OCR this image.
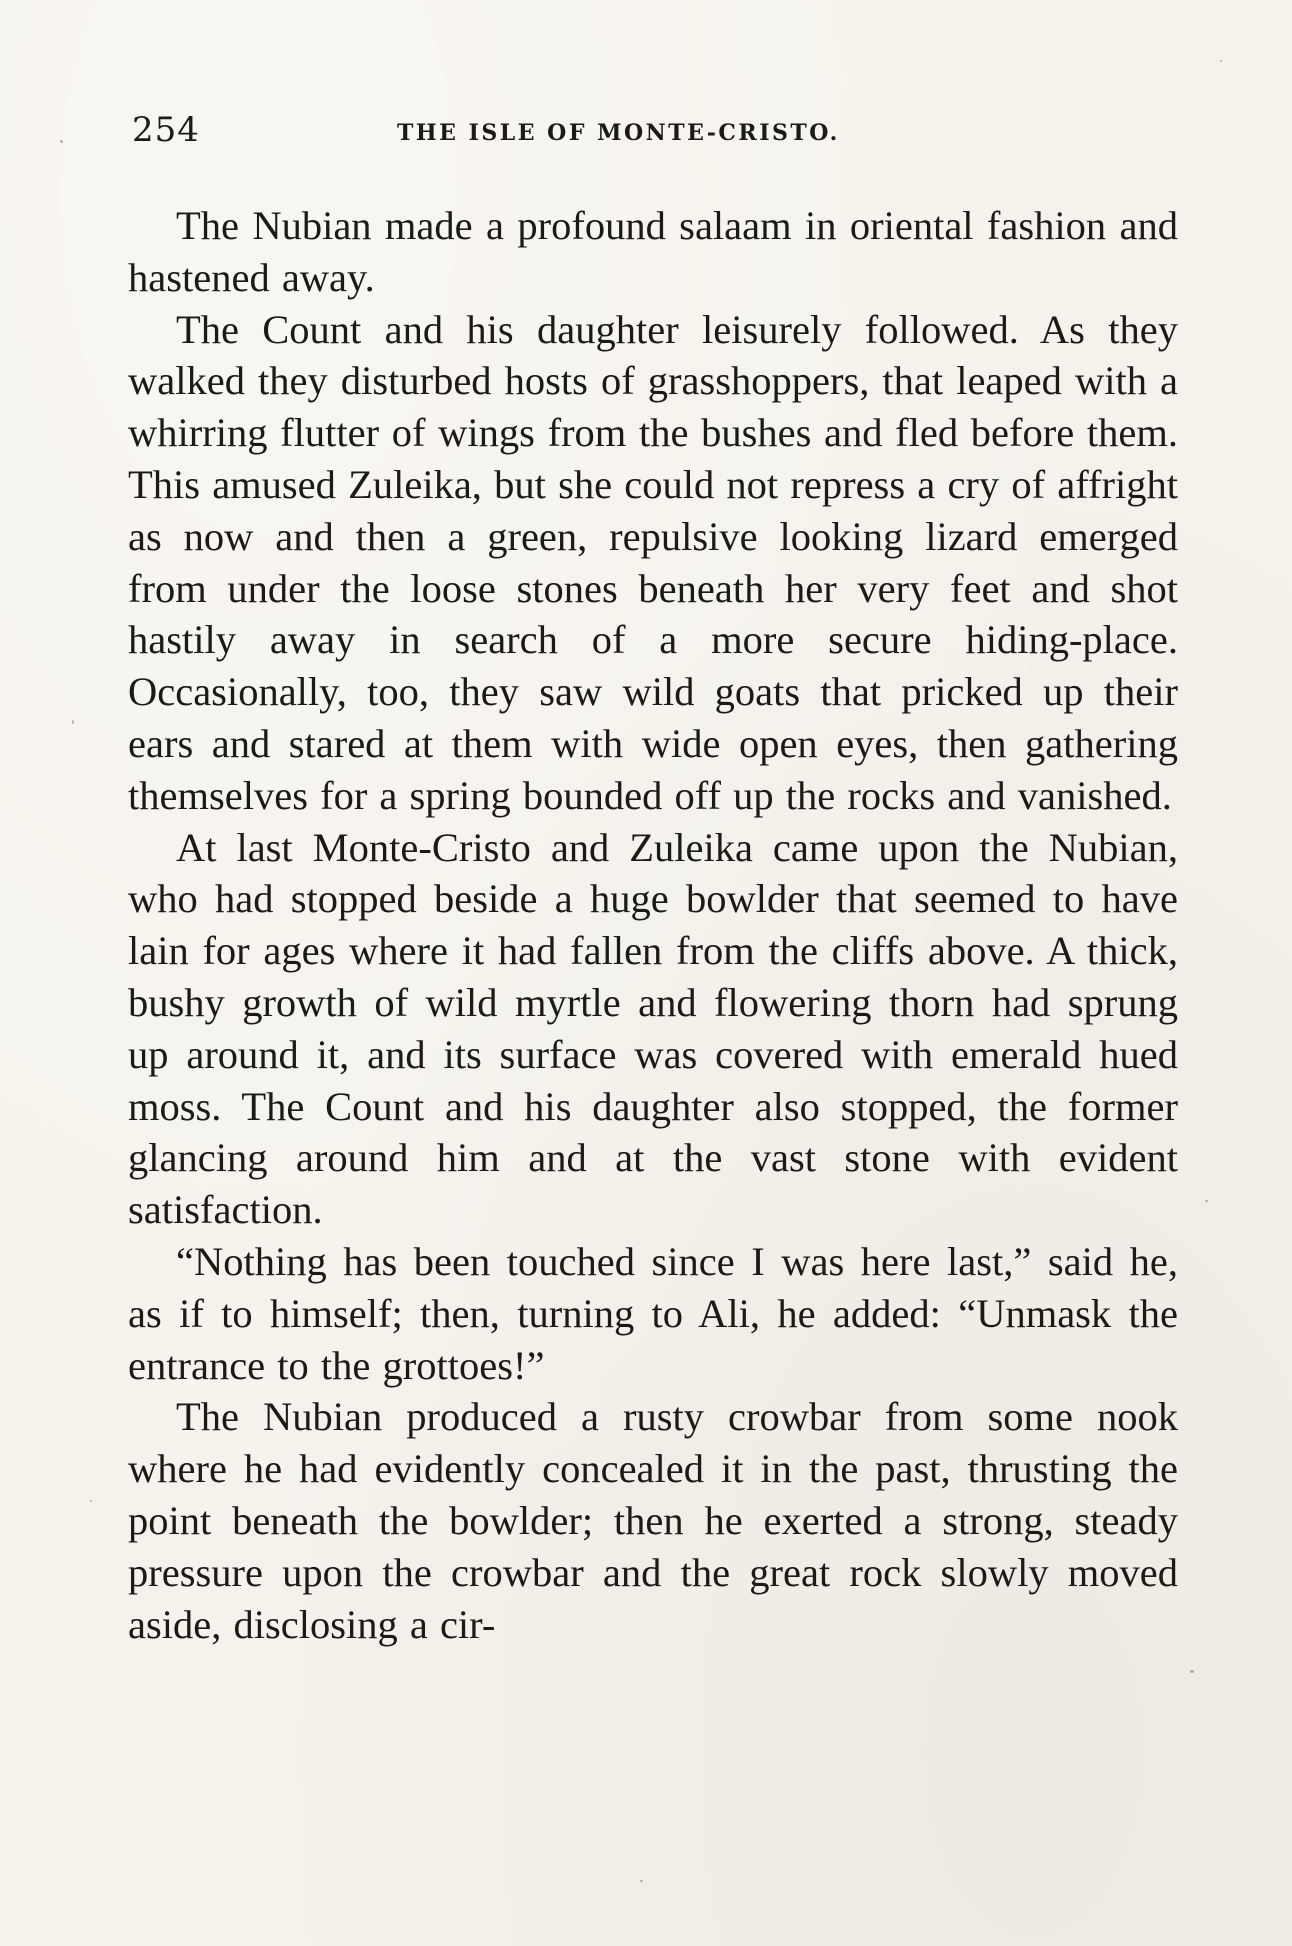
254	THE ISLE OF MONTE-CRISTO.

The Nubian made a profound salaam in oriental fashion and hastened away.

The Count and his daughter leisurely followed. As they walked they disturbed hosts of grasshoppers, that leaped with a whirring flutter of wings from the bushes and fled before them. This amused Zuleika, but she could not repress a cry of affright as now and then a green, repulsive looking lizard emerged from under the loose stones beneath her very feet and shot hastily away in search of a more secure hiding-place. Occasionally, too, they saw wild goats that pricked up their ears and stared at them with wide open eyes, then gathering themselves for a spring bounded off up the rocks and vanished.

At last Monte-Cristo and Zuleika came upon the Nubian, who had stopped beside a huge bowlder that seemed to have lain for ages where it had fallen from the cliffs above. A thick, bushy growth of wild myrtle and flowering thorn had sprung up around it, and its surface was covered with emerald hued moss. The Count and his daughter also stopped, the former glancing around him and at the vast stone with evident satisfaction.

“Nothing has been touched since I was here last,” said he, as if to himself; then, turning to Ali, he added: “Unmask the entrance to the grottoes!”

The Nubian produced a rusty crowbar from some nook where he had evidently concealed it in the past, thrusting the point beneath the bowlder; then he exerted a strong, steady pressure upon the crowbar and the great rock slowly moved aside, disclosing a cir-
